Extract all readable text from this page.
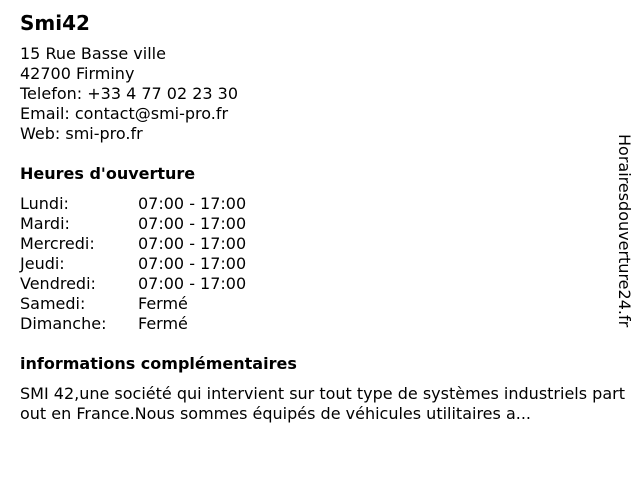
Smi42
15 Rue Basse ville
42700 Firminy
Telefon: +33 4 77 02 23 30
Email: contact@smi-pro.fr
Web: smi-pro.fr
Heures d'ouverture
Lundi:	07:00 - 17:00
Mardi:	07:00 - 17:00
Mercredi:	07:00 - 17:00
Jeudi:	07:00 - 17:00
Vendredi:	07:00 - 17:00
Samedi:	Fermé
Dimanche:	Fermé
informations complémentaires
SMI 42,une société qui intervient sur tout type de systèmes industriels partout en France.Nous sommes équipés de véhicules utilitaires a...
Horairesdouverture24.fr
